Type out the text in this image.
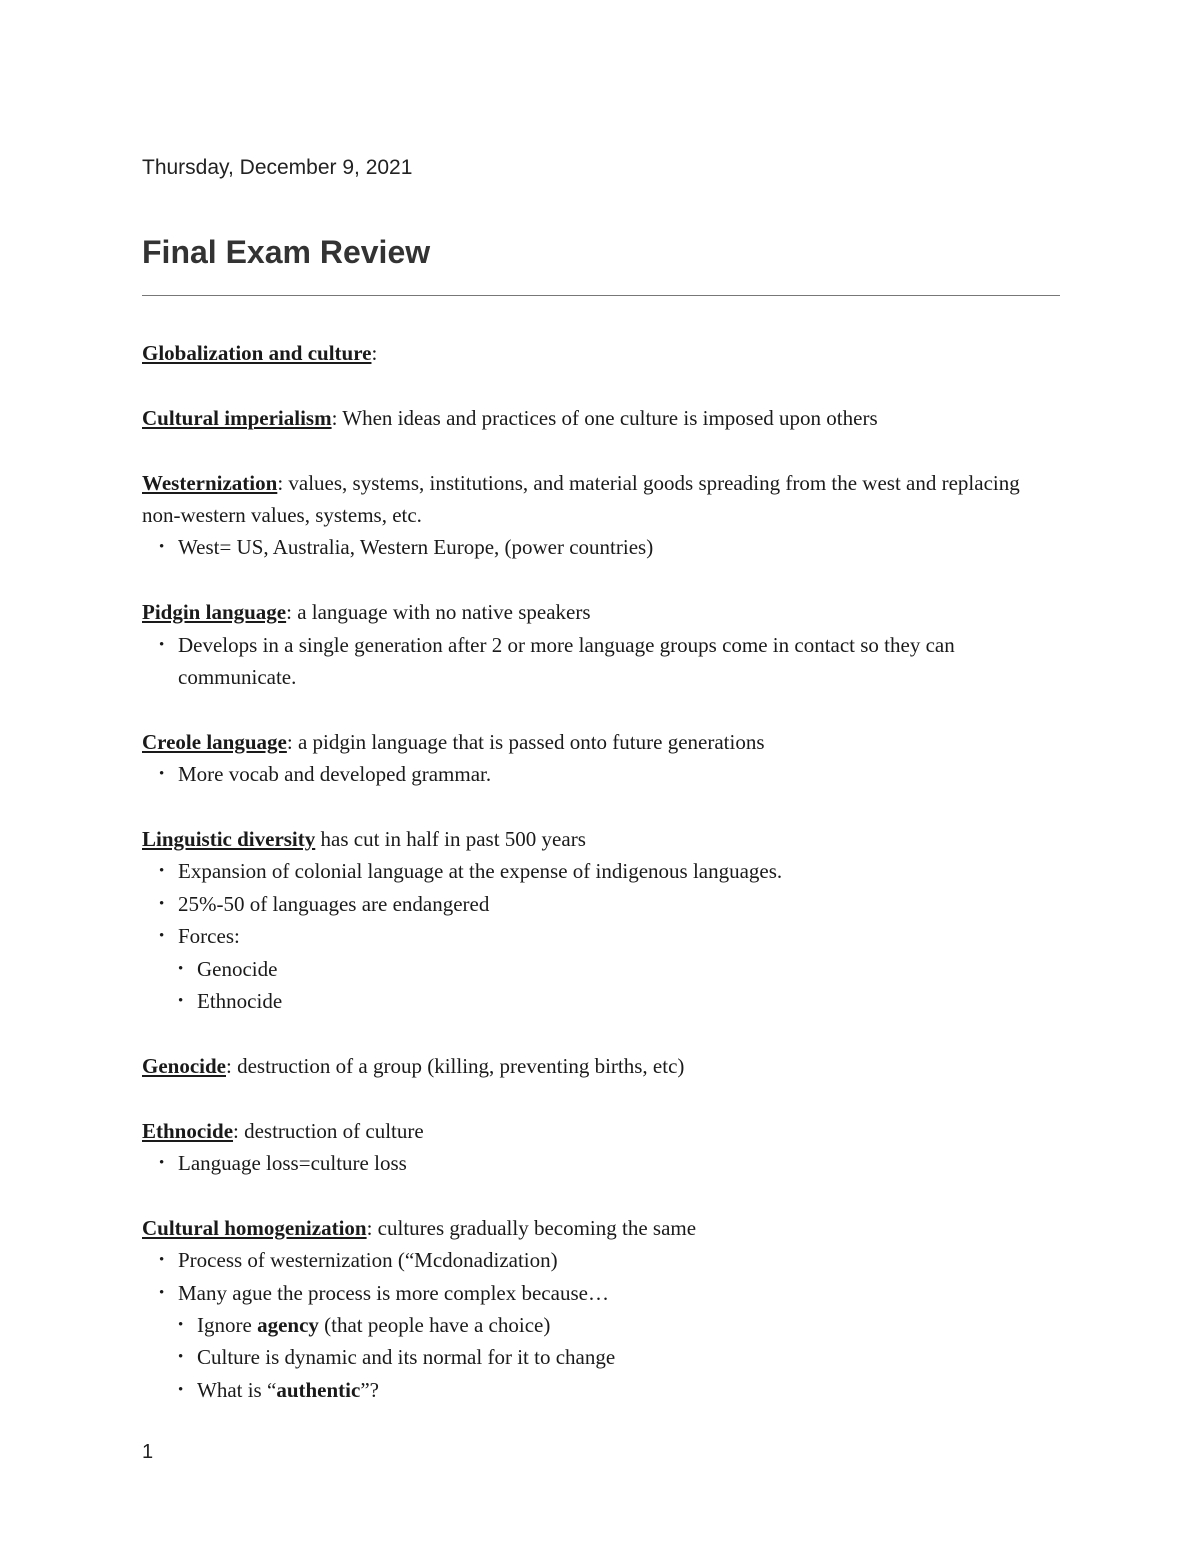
Thursday, December 9, 2021
Final Exam Review

Globalization and culture:

Cultural imperialism: When ideas and practices of one culture is imposed upon others

Westernization: values, systems, institutions, and material goods spreading from the west and replacing non-western values, systems, etc.

• West= US, Australia, Western Europe, (power countries)

Pidgin language: a language with no native speakers

• Develops in a single generation after 2 or more language groups come in contact so they can communicate.

Creole language: a pidgin language that is passed onto future generations

• More vocab and developed grammar.

Linguistic diversity has cut in half in past 500 years

• Expansion of colonial language at the expense of indigenous languages.
• 25%-50 of languages are endangered
• Forces:
• Genocide
• Ethnocide

Genocide: destruction of a group (killing, preventing births, etc)

Ethnocide: destruction of culture

• Language loss=culture loss

Cultural homogenization: cultures gradually becoming the same

• Process of westernization (“Mcdonadization)
• Many ague the process is more complex because…
• Ignore agency (that people have a choice)
• Culture is dynamic and its normal for it to change
• What is “authentic”?
1
